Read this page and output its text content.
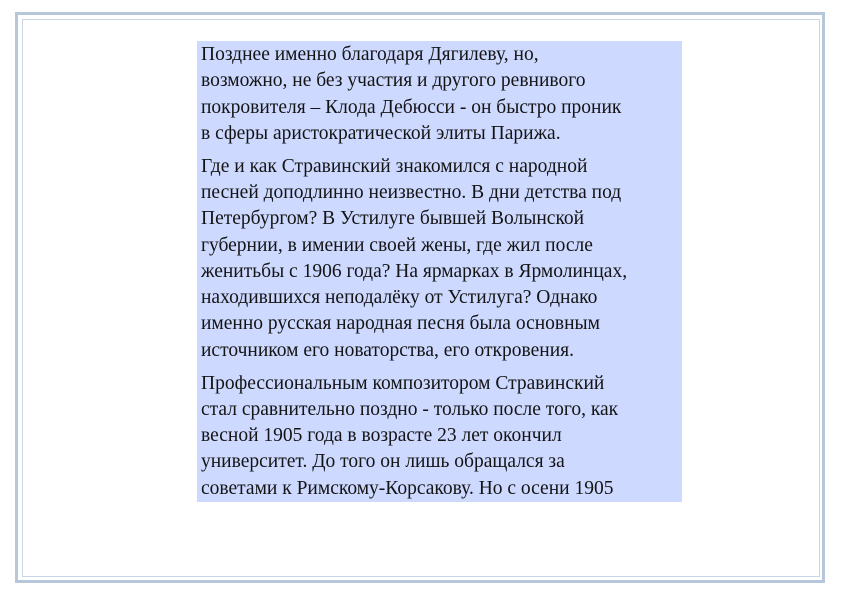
Позднее именно благодаря Дягилеву, но,
возможно, не без участия и другого ревнивого
покровителя – Клода Дебюсси - он быстро проник
в сферы аристократической элиты Парижа.

Где и как Стравинский знакомился с народной
песней доподлинно неизвестно. В дни детства под
Петербургом? В Устилуге бывшей Волынской
губернии, в имении своей жены, где жил после
женитьбы с 1906 года? На ярмарках в Ярмолинцах,
находившихся неподалёку от Устилуга? Однако
именно русская народная песня была основным
источником его новаторства, его откровения.

Профессиональным композитором Стравинский
стал сравнительно поздно - только после того, как
весной 1905 года в возрасте 23 лет окончил
университет. До того он лишь обращался за
советами к Римскому-Корсакову. Но с осени 1905
